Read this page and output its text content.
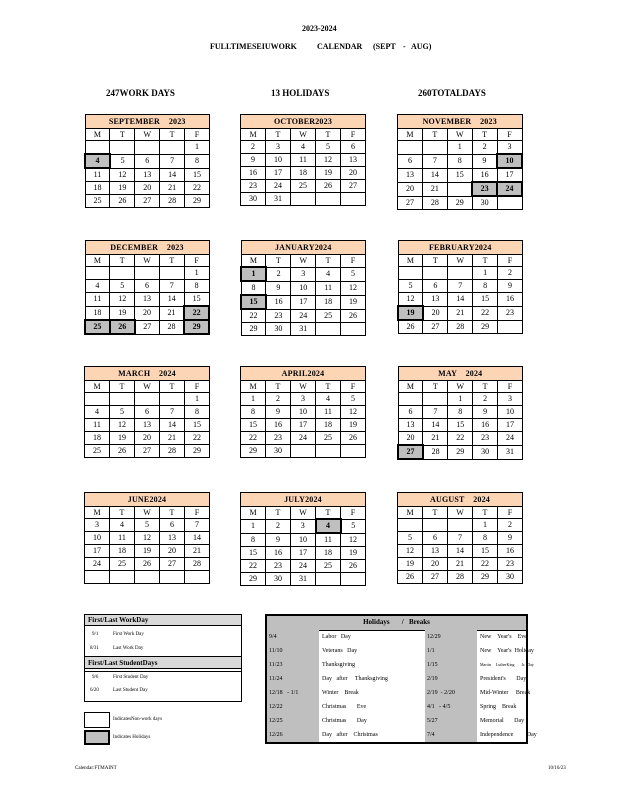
2023-2024
FULLTIMESEIUWORK	CALENDAR (SEPT - AUG)
247WORK DAYS	13 HOLIDAYS	260TOTALDAYS
SEPTEMBER    2023				
M	T	W	T	F
				1
4	5	6	7	8
11	12	13	14	15
18	19	20	21	22
25	26	27	28	29
OCTOBER2023				
M	T	W	T	F
2	3	4	5	6
9	10	11	12	13
16	17	18	19	20
23	24	25	26	27
30	31			
NOVEMBER    2023				
M	T	W	T	F
		1	2	3
6	7	8	9	10
13	14	15	16	17
20	21		23	24
27	28	29	30	
DECEMBER    2023				
M	T	W	T	F
				1
4	5	6	7	8
11	12	13	14	15
18	19	20	21	22
25	26	27	28	29
JANUARY2024				
M	T	W	T	F
1	2	3	4	5
8	9	10	11	12
15	16	17	18	19
22	23	24	25	26
29	30	31		
FEBRUARY2024				
M	T	W	T	F
			1	2
5	6	7	8	9
12	13	14	15	16
19	20	21	22	23
26	27	28	29	
MARCH    2024				
M	T	W	T	F
				1
4	5	6	7	8
11	12	13	14	15
18	19	20	21	22
25	26	27	28	29
APRIL2024				
M	T	W	T	F
1	2	3	4	5
8	9	10	11	12
15	16	17	18	19
22	23	24	25	26
29	30			
MAY    2024				
M	T	W	T	F
		1	2	3
6	7	8	9	10
13	14	15	16	17
20	21	22	23	24
27	28	29	30	31
JUNE2024				
M	T	W	T	F
3	4	5	6	7
10	11	12	13	14
17	18	19	20	21
24	25	26	27	28

JULY2024				
M	T	W	T	F
1	2	3	4	5
8	9	10	11	12
15	16	17	18	19
22	23	24	25	26
29	30	31		
AUGUST    2024				
M	T	W	T	F
			1	2
5	6	7	8	9
12	13	14	15	16
19	20	21	22	23
26	27	28	29	30
First/Last WorkDay
9/1	First Work Day
8/31	Last Work Day
First/Last StudentDays
9/6	First Student Day
6/20	Last Student Day
IndicatesNon-work days
Indicates Holidays
Holidays       /   Breaks
9/4	Labor   Day	12/29	New    Year's    Eve
11/10	Veterans   Day	1/1	New    Year's  Holiday
11/23	Thanksgiving	1/15	Martin     LutherKing       Jr.  Day
11/24	Day   after     Thanksgiving	2/19	President's       Day
12/18   - 1/1	Winter    Break	2/19  - 2/20	Mid-Winter     Break
12/22	Christmas       Eve	4/1   - 4/5	Spring    Break
12/25	Christmas       Day	5/27	Memorial       Day
12/26	Day   after    Christmas	7/4	Independence         Day
Calendar:FTMAINT	10/16/23
